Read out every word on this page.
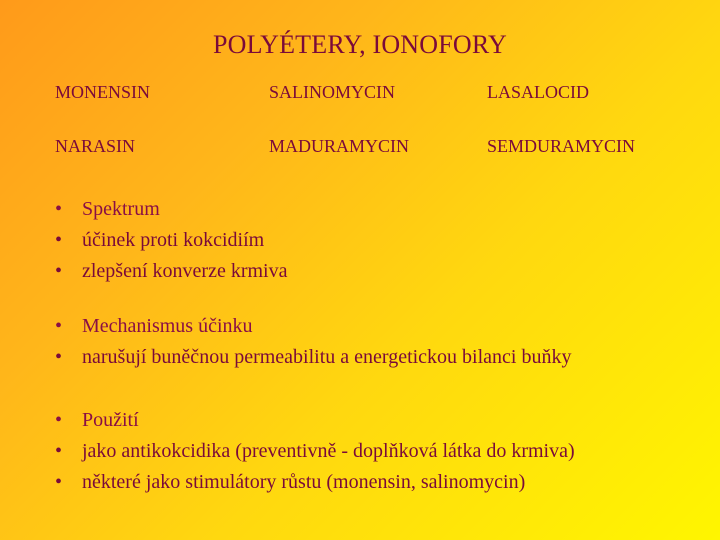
POLYÉTERY, IONOFORY
MONENSIN	SALINOMYCIN	LASALOCID
NARASIN	MADURAMYCIN	SEMDURAMYCIN
• Spektrum
• účinek proti kokcidiím
• zlepšení konverze krmiva
• Mechanismus účinku
• narušují buněčnou permeabilitu a energetickou bilanci buňky
• Použití
• jako antikokcidika (preventivně - doplňková látka do krmiva)
• některé jako stimulátory růstu (monensin, salinomycin)
